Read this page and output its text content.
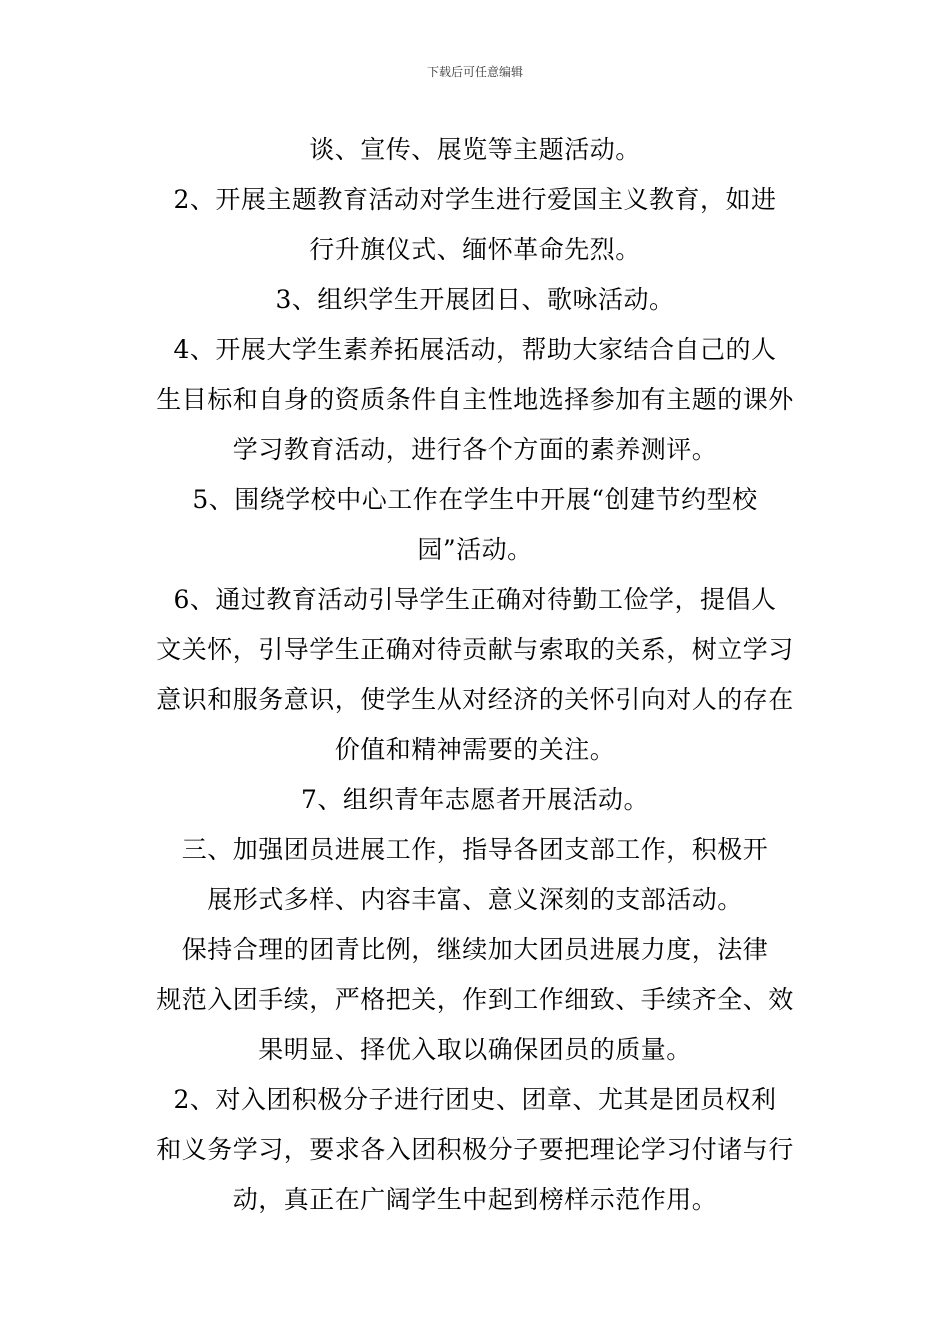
下载后可任意编辑
谈、宣传、展览等主题活动。
2、开展主题教育活动对学生进行爱国主义教育，如进
行升旗仪式、缅怀革命先烈。
3、组织学生开展团日、歌咏活动。
4、开展大学生素养拓展活动，帮助大家结合自己的人
生目标和自身的资质条件自主性地选择参加有主题的课外
学习教育活动，进行各个方面的素养测评。
5、围绕学校中心工作在学生中开展“创建节约型校
园”活动。
6、通过教育活动引导学生正确对待勤工俭学，提倡人
文关怀，引导学生正确对待贡献与索取的关系，树立学习
意识和服务意识，使学生从对经济的关怀引向对人的存在
价值和精神需要的关注。
7、组织青年志愿者开展活动。
三、加强团员进展工作，指导各团支部工作，积极开
展形式多样、内容丰富、意义深刻的支部活动。
保持合理的团青比例，继续加大团员进展力度，法律
规范入团手续，严格把关，作到工作细致、手续齐全、效
果明显、择优入取以确保团员的质量。
2、对入团积极分子进行团史、团章、尤其是团员权利
和义务学习，要求各入团积极分子要把理论学习付诸与行
动，真正在广阔学生中起到榜样示范作用。
